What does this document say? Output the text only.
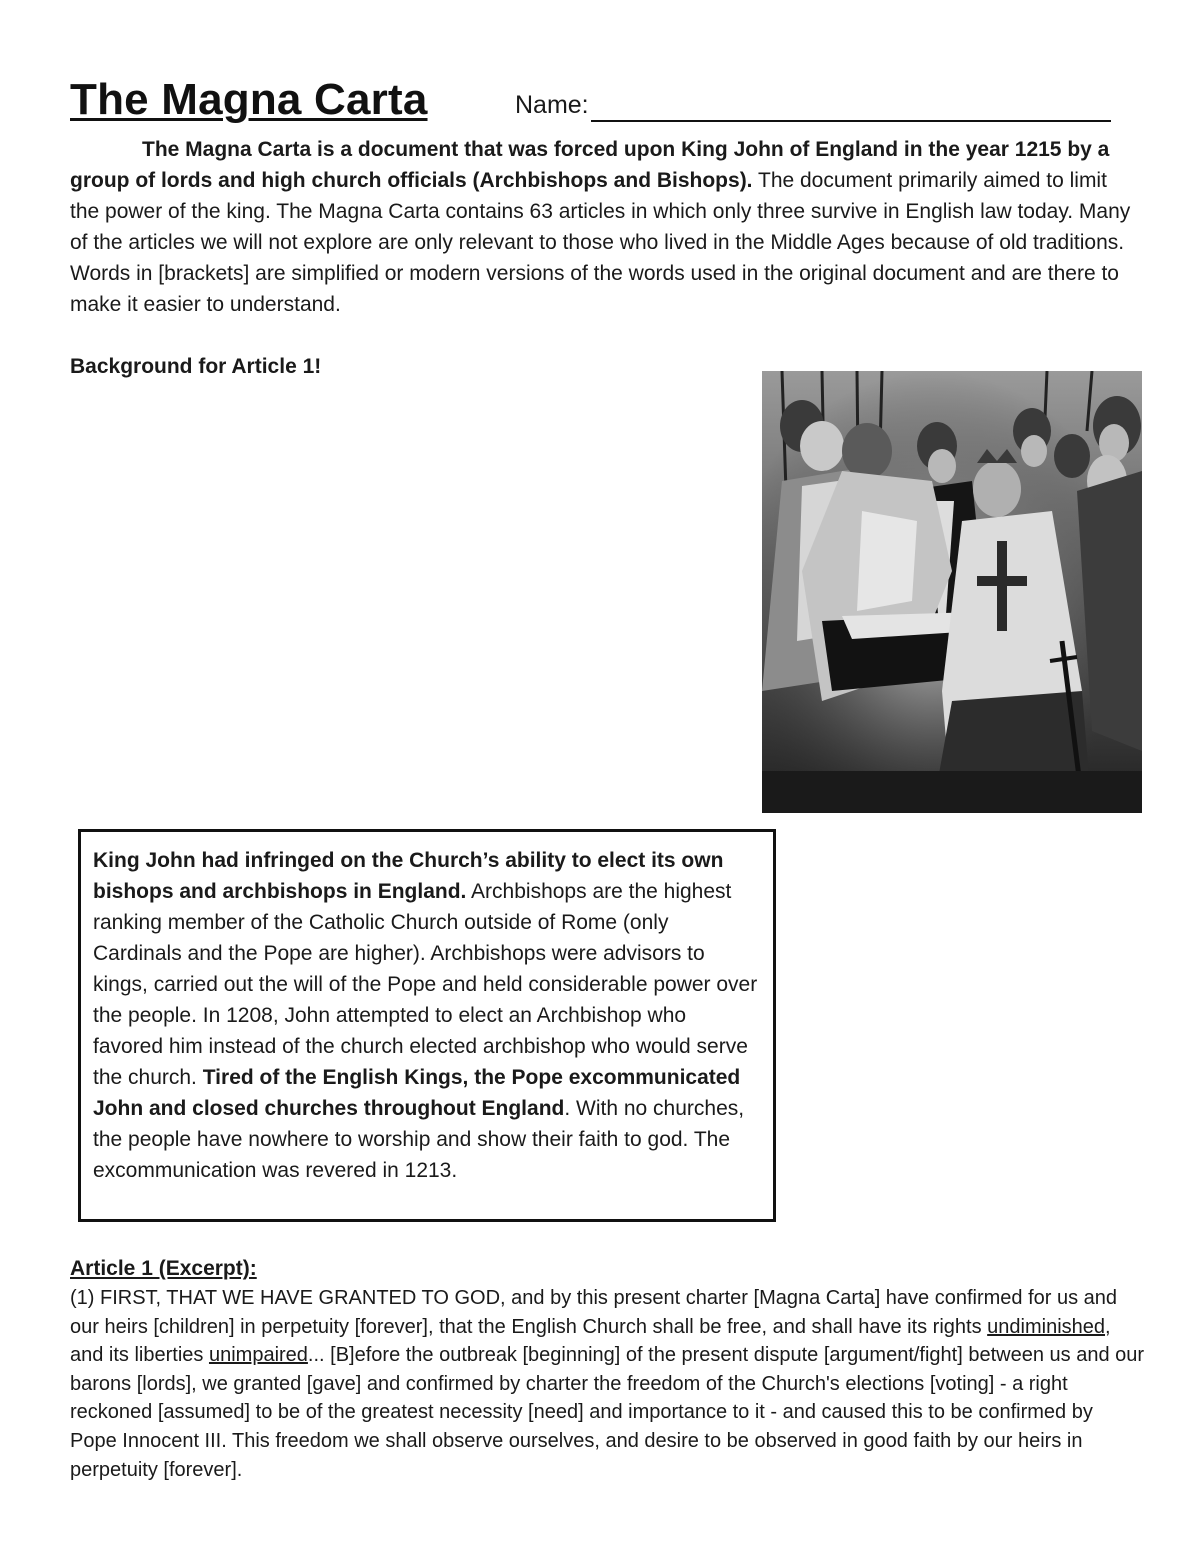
The Magna Carta	Name:
The Magna Carta is a document that was forced upon King John of England in the year 1215 by a group of lords and high church officials (Archbishops and Bishops). The document primarily aimed to limit the power of the king. The Magna Carta contains 63 articles in which only three survive in English law today. Many of the articles we will not explore are only relevant to those who lived in the Middle Ages because of old traditions. Words in [brackets] are simplified or modern versions of the words used in the original document and are there to make it easier to understand.
Background for Article 1!
King John had infringed on the Church’s ability to elect its own bishops and archbishops in England. Archbishops are the highest ranking member of the Catholic Church outside of Rome (only Cardinals and the Pope are higher). Archbishops were advisors to kings, carried out the will of the Pope and held considerable power over the people. In 1208, John attempted to elect an Archbishop who favored him instead of the church elected archbishop who would serve the church. Tired of the English Kings, the Pope excommunicated John and closed churches throughout England. With no churches, the people have nowhere to worship and show their faith to god. The excommunication was revered in 1213.
Article 1 (Excerpt):
(1) FIRST, THAT WE HAVE GRANTED TO GOD, and by this present charter [Magna Carta] have confirmed for us and our heirs [children] in perpetuity [forever], that the English Church shall be free, and shall have its rights undiminished, and its liberties unimpaired... [B]efore the outbreak [beginning] of the present dispute [argument/fight] between us and our barons [lords], we granted [gave] and confirmed by charter the freedom of the Church's elections [voting] - a right reckoned [assumed] to be of the greatest necessity [need] and importance to it - and caused this to be confirmed by Pope Innocent III. This freedom we shall observe ourselves, and desire to be observed in good faith by our heirs in perpetuity [forever].
